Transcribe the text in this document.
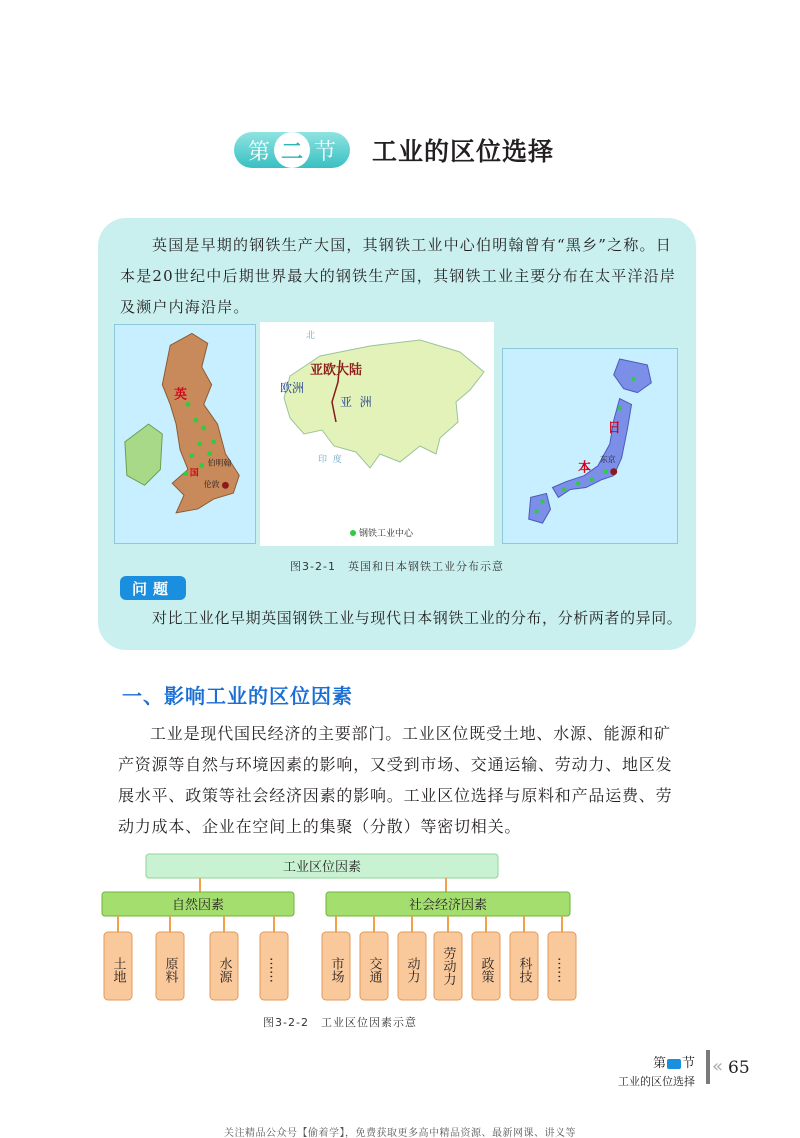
第 二 节 工业的区位选择

英国是早期的钢铁生产大国，其钢铁工业中心伯明翰曾有“黑乡”之称。日本是20世纪中后期世界最大的钢铁生产国，其钢铁工业主要分布在太平洋沿岸及濒户内海沿岸。

英
国
伯明翰
伦敦
北
亚欧大陆
欧洲
亚  洲
印  度
日
本
东京
钢铁工业中心
图3-2-1　英国和日本钢铁工业分布示意
问题

对比工业化早期英国钢铁工业与现代日本钢铁工业的分布，分析两者的异同。

一、影响工业的区位因素

工业是现代国民经济的主要部门。工业区位既受土地、水源、能源和矿产资源等自然与环境因素的影响，又受到市场、交通运输、劳动力、地区发展水平、政策等社会经济因素的影响。工业区位选择与原料和产品运费、劳动力成本、企业在空间上的集聚（分散）等密切相关。

工业区位因素
自然因素	社会经济因素
土地	原料	水源	……	市场 交通 动力 劳动力 政策 科技 ……
图3-2-2　工业区位因素示意
第 节
工业的区位选择
« 65
关注精品公众号【偷着学】，免费获取更多高中精品资源、最新网课、讲义等
